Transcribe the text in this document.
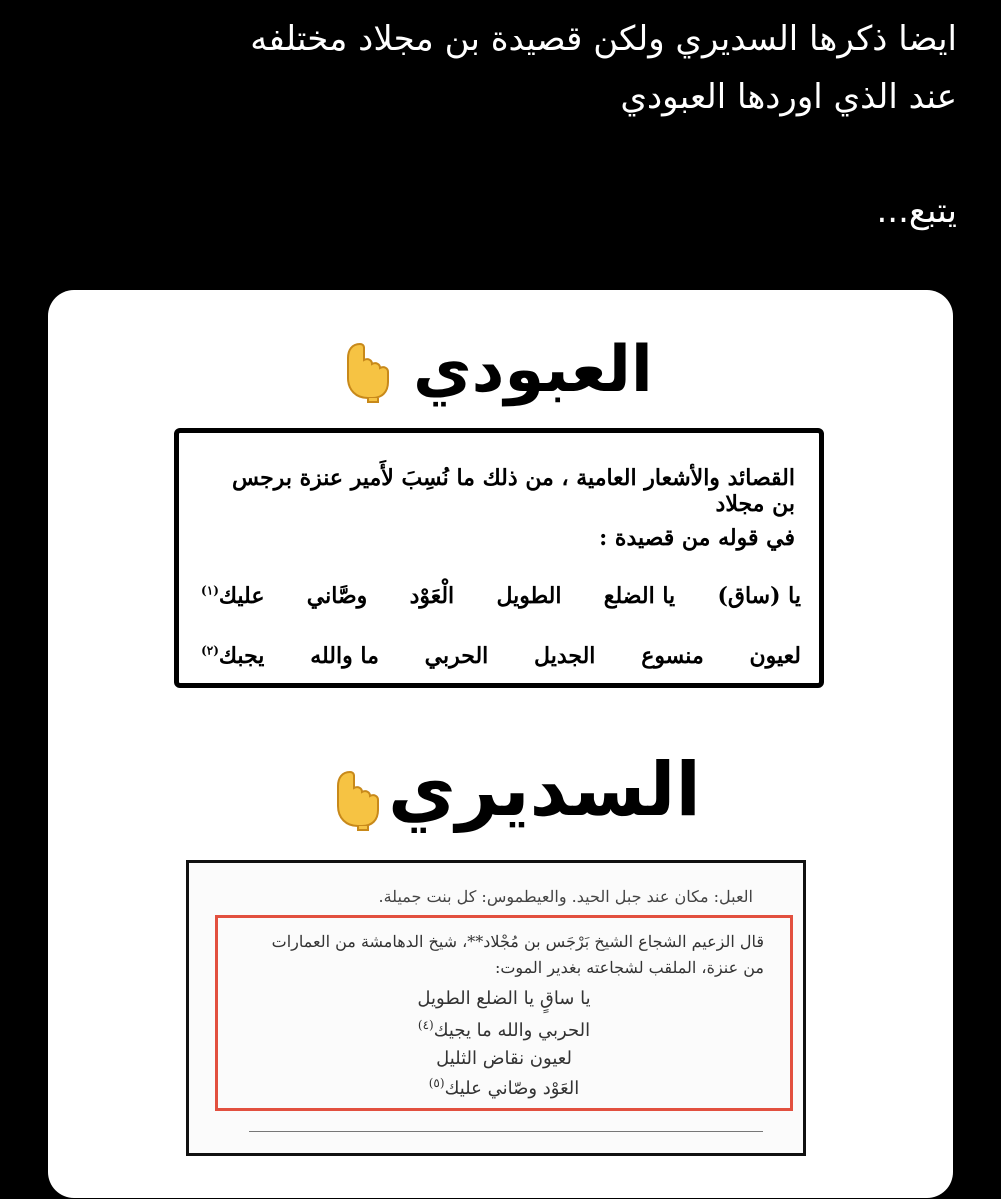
ايضا ذكرها السديري ولكن قصيدة بن مجلاد مختلفه
عند الذي اوردها العبودي
يتبع...
العبودي
القصائد والأشعار العامية ، من ذلك ما نُسِبَ لأَمير عنزة برجس بن مجلاد
في قوله من قصيدة :
يا (ساق)
يا الضلع
الطويل
الْعَوْد
وصَّاني
عليك$^{(١)}$
لعيون
منسوع
الجديل
الحربي
ما والله
يجبك$^{(٢)}$
السديري
العبل: مكان عند جبل الحيد. والعيطموس: كل بنت جميلة.
قال الزعيم الشجاع الشيخ بَرْجَس بن مُجْلاد**، شيخ الدهامشة من العمارات
من عنزة، الملقب لشجاعته بغدير الموت:
يا ساقٍ يا الضلع الطويل
الحربي والله ما يجيك$^{(٤)}$
لعيون نقاض الثليل
العَوْد وصّاني عليك$^{(٥)}$
